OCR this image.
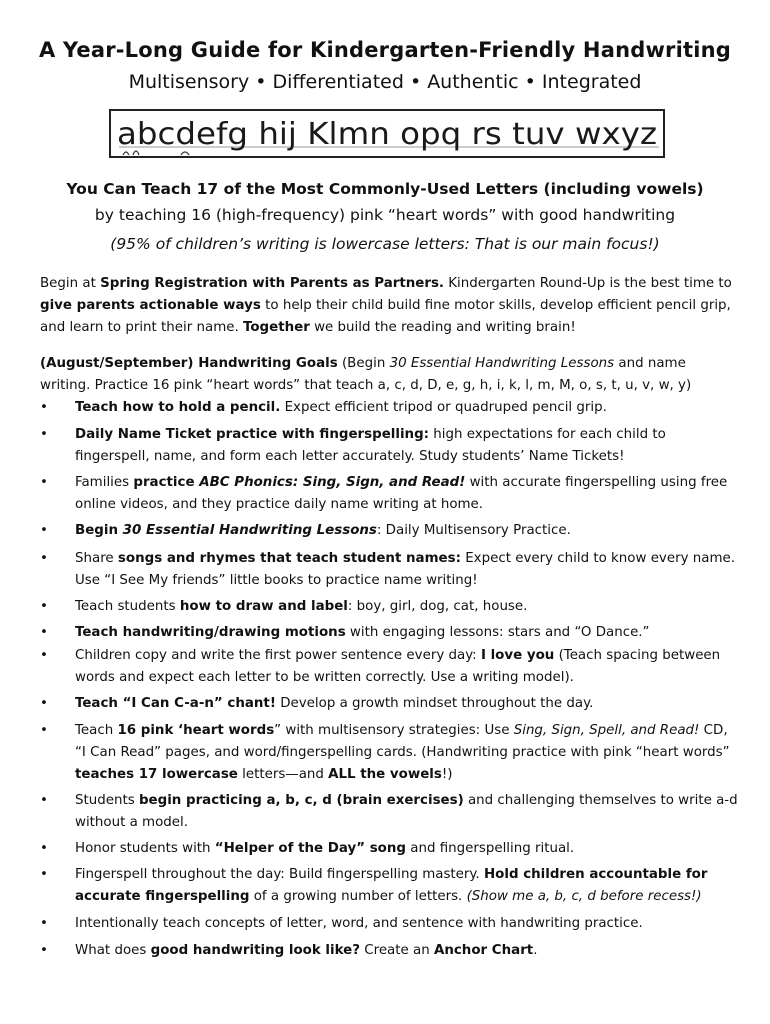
A Year-Long Guide for Kindergarten-Friendly Handwriting
Multisensory • Differentiated • Authentic • Integrated
abcdefg hij Klmn opq rs tuv wxyz
You Can Teach 17 of the Most Commonly-Used Letters (including vowels)
by teaching 16 (high-frequency) pink “heart words” with good handwriting
(95% of children’s writing is lowercase letters: That is our main focus!)
Begin at Spring Registration with Parents as Partners. Kindergarten Round-Up is the best time to give parents actionable ways to help their child build fine motor skills, develop efficient pencil grip, and learn to print their name. Together we build the reading and writing brain!
(August/September) Handwriting Goals (Begin 30 Essential Handwriting Lessons and name writing. Practice 16 pink “heart words” that teach a, c, d, D, e, g, h, i, k, l, m, M, o, s, t, u, v, w, y)
•	Teach how to hold a pencil. Expect efficient tripod or quadruped pencil grip.
•	Daily Name Ticket practice with fingerspelling: high expectations for each child to fingerspell, name, and form each letter accurately. Study students’ Name Tickets!
•	Families practice ABC Phonics: Sing, Sign, and Read! with accurate fingerspelling using free online videos, and they practice daily name writing at home.
•	Begin 30 Essential Handwriting Lessons: Daily Multisensory Practice.
•	Share songs and rhymes that teach student names: Expect every child to know every name. Use “I See My friends” little books to practice name writing!
•	Teach students how to draw and label: boy, girl, dog, cat, house.
•	Teach handwriting/drawing motions with engaging lessons: stars and “O Dance.”
•	Children copy and write the first power sentence every day: I love you (Teach spacing between words and expect each letter to be written correctly. Use a writing model).
•	Teach “I Can C-a-n” chant! Develop a growth mindset throughout the day.
•	Teach 16 pink ‘heart words” with multisensory strategies: Use Sing, Sign, Spell, and Read! CD, “I Can Read” pages, and word/fingerspelling cards. (Handwriting practice with pink “heart words” teaches 17 lowercase letters—and ALL the vowels!)
•	Students begin practicing a, b, c, d (brain exercises) and challenging themselves to write a-d without a model.
•	Honor students with “Helper of the Day” song and fingerspelling ritual.
•	Fingerspell throughout the day: Build fingerspelling mastery. Hold children accountable for accurate fingerspelling of a growing number of letters. (Show me a, b, c, d before recess!)
•	Intentionally teach concepts of letter, word, and sentence with handwriting practice.
•	What does good handwriting look like? Create an Anchor Chart.
